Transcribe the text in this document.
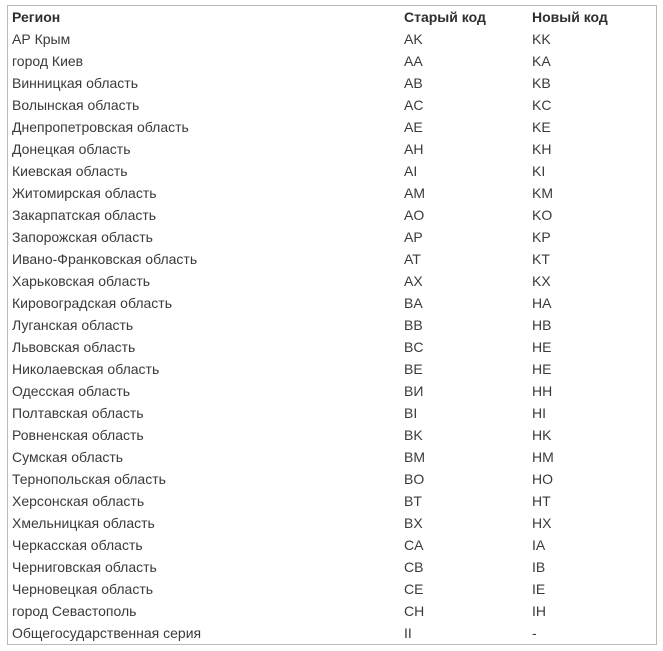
Регион	Старый код	Новый код
АР Крым	AK	KK
город Киев	AA	KA
Винницкая область	AB	KB
Волынская область	AC	KC
Днепропетровская область	AE	KE
Донецкая область	AH	KH
Киевская область	AI	KI
Житомирская область	AM	KM
Закарпатская область	AO	KO
Запорожская область	AP	KP
Ивано-Франковская область	AT	KT
Харьковская область	AX	KX
Кировоградская область	BA	HA
Луганская область	BB	HB
Львовская область	BC	HE
Николаевская область	BE	HE
Одесская область	BИ	HH
Полтавская область	BI	HI
Ровненская область	BK	HK
Сумская область	BM	HM
Тернопольская область	BO	HO
Херсонская область	BT	HT
Хмельницкая область	BX	HX
Черкасская область	CA	IA
Черниговская область	CB	IB
Черновецкая область	CE	IE
город Севастополь	CH	IH
Общегосударственная серия	II	-
